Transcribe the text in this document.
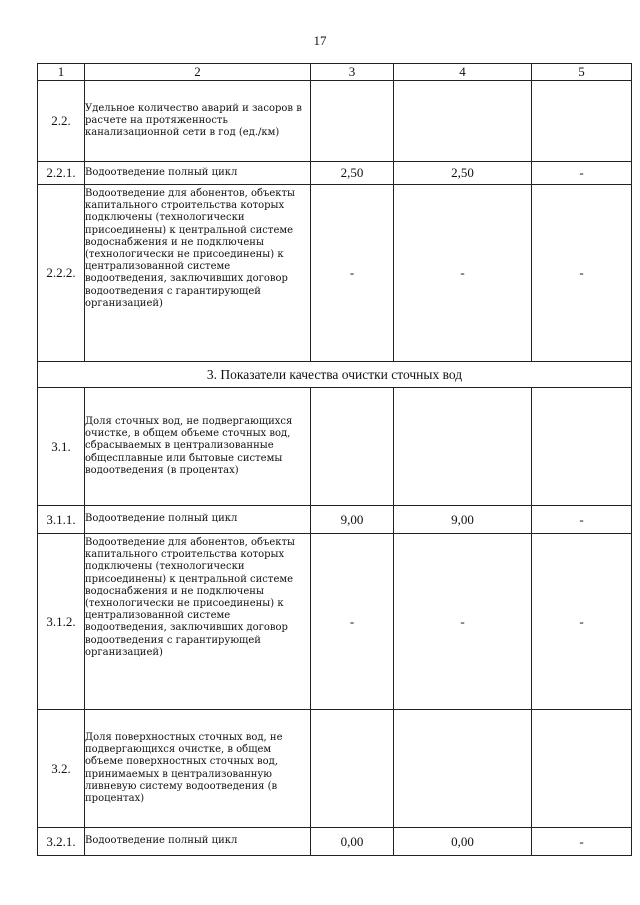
17
1	2	3	4	5
2.2.	Удельное количество аварий и засоров в расчете на протяженность канализационной сети в год (ед./км)			
2.2.1.	Водоотведение полный цикл	2,50	2,50	-
2.2.2.	Водоотведение для абонентов, объекты капитального строительства которых подключены (технологически присоединены) к центральной системе водоснабжения и не подключены (технологически не присоединены) к централизованной системе водоотведения, заключивших договор водоотведения с гарантирующей организацией)	-	-	-
3. Показатели качества очистки сточных вод				
3.1.	Доля сточных вод, не подвергающихся очистке, в общем объеме сточных вод, сбрасываемых в централизованные общесплавные или бытовые системы водоотведения (в процентах)			
3.1.1.	Водоотведение полный цикл	9,00	9,00	-
3.1.2.	Водоотведение для абонентов, объекты капитального строительства которых подключены (технологически присоединены) к центральной системе водоснабжения и не подключены (технологически не присоединены) к централизованной системе водоотведения, заключивших договор водоотведения с гарантирующей организацией)	-	-	-
3.2.	Доля поверхностных сточных вод, не подвергающихся очистке, в общем объеме поверхностных сточных вод, принимаемых в централизованную ливневую систему водоотведения (в процентах)			
3.2.1.	Водоотведение полный цикл	0,00	0,00	-
